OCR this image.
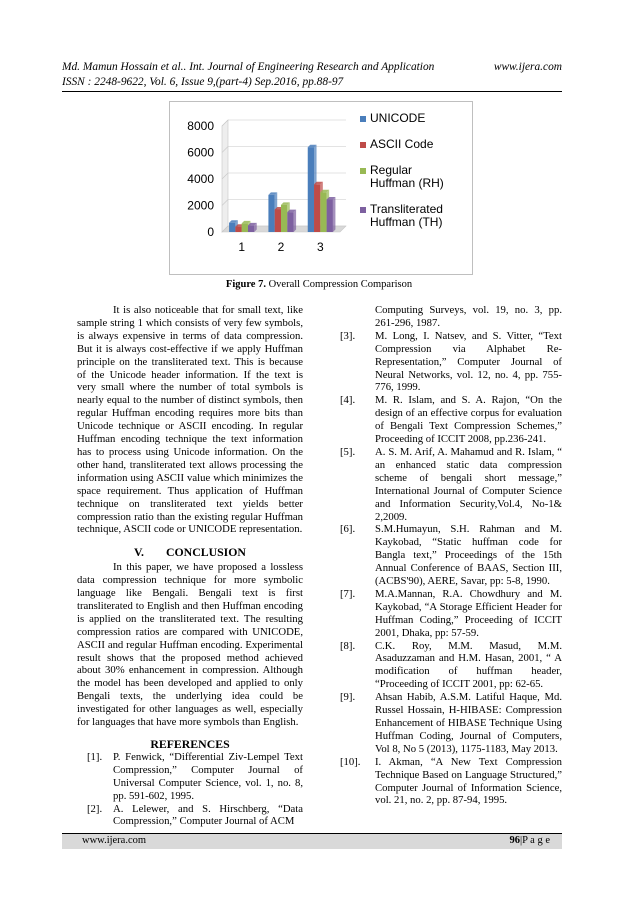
Md. Mamun Hossain et al.. Int. Journal of Engineering Research and Application	www.ijera.com
ISSN : 2248-9622, Vol. 6, Issue 9,(part-4) Sep.2016, pp.88-97
0
2000
4000
6000
8000
1	2	3
UNICODE
ASCII Code
Regular
Huffman (RH)
Transliterated
Huffman (TH)
Figure 7. Overall Compression Comparison

It is also noticeable that for small text, like sample string 1 which consists of very few symbols, is always expensive in terms of data compression. But it is always cost-effective if we apply Huffman principle on the transliterated text. This is because of the Unicode header information. If the text is very small where the number of total symbols is nearly equal to the number of distinct symbols, then regular Huffman encoding requires more bits than Unicode technique or ASCII encoding. In regular Huffman encoding technique the text information has to process using Unicode information. On the other hand, transliterated text allows processing the information using ASCII value which minimizes the space requirement. Thus application of Huffman technique on transliterated text yields better compression ratio than the existing regular Huffman technique, ASCII code or UNICODE representation.

V. CONCLUSION

In this paper, we have proposed a lossless data compression technique for more symbolic language like Bengali. Bengali text is first transliterated to English and then Huffman encoding is applied on the transliterated text. The resulting compression ratios are compared with UNICODE, ASCII and regular Huffman encoding. Experimental result shows that the proposed method achieved about 30% enhancement in compression. Although the model has been developed and applied to only Bengali texts, the underlying idea could be investigated for other languages as well, especially for languages that have more symbols than English.

REFERENCES
[1].	P. Fenwick, “Differential Ziv-Lempel Text Compression,” Computer Journal of Universal Computer Science, vol. 1, no. 8, pp. 591-602, 1995.
[2].	A. Lelewer, and S. Hirschberg, “Data Compression,” Computer Journal of ACM
Computing Surveys, vol. 19, no. 3, pp. 261-296, 1987.
[3].	M. Long, I. Natsev, and S. Vitter, “Text Compression via Alphabet Re-Representation,” Computer Journal of Neural Networks, vol. 12, no. 4, pp. 755-776, 1999.
[4].	M. R. Islam, and S. A. Rajon, “On the design of an effective corpus for evaluation of Bengali Text Compression Schemes,” Proceeding of ICCIT 2008, pp.236-241.
[5].	A. S. M. Arif, A. Mahamud and R. Islam, “ an enhanced static data compression scheme of bengali short message,” International Journal of Computer Science and Information Security,Vol.4, No-1& 2,2009.
[6].	S.M.Humayun, S.H. Rahman and M. Kaykobad, “Static huffman code for Bangla text,” Proceedings of the 15th Annual Conference of BAAS, Section III, (ACBS'90), AERE, Savar, pp: 5-8, 1990.
[7].	M.A.Mannan, R.A. Chowdhury and M. Kaykobad, “A Storage Efficient Header for Huffman Coding,” Proceeding of ICCIT 2001, Dhaka, pp: 57-59.
[8].	C.K. Roy, M.M. Masud, M.M. Asaduzzaman and H.M. Hasan, 2001, “ A modification of huffman header, “Proceeding of ICCIT 2001, pp: 62-65.
[9].	Ahsan Habib, A.S.M. Latiful Haque, Md. Russel Hossain, H-HIBASE: Compression Enhancement of HIBASE Technique Using Huffman Coding, Journal of Computers, Vol 8, No 5 (2013), 1175-1183, May 2013.
[10].	I. Akman, “A New Text Compression Technique Based on Language Structured,” Computer Journal of Information Science, vol. 21, no. 2, pp. 87-94, 1995.
www.ijera.com	96|P a g e
